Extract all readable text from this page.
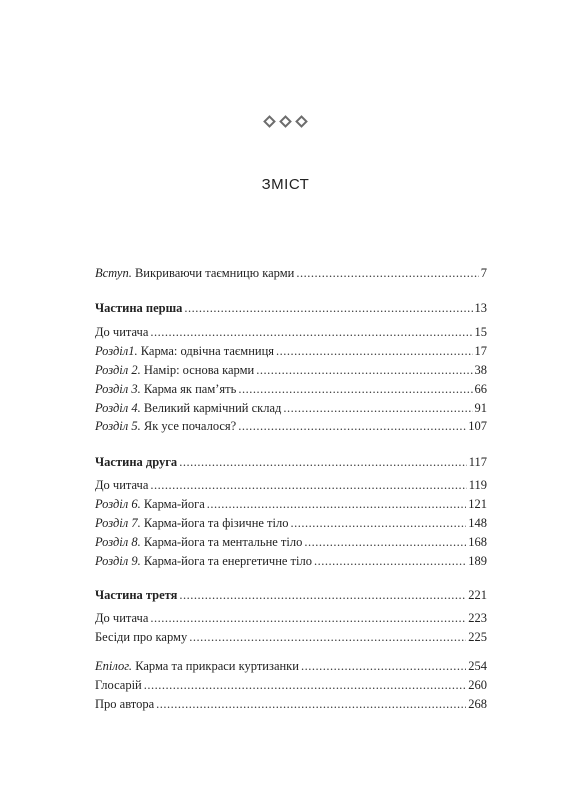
ЗМІСТ
Вступ. Викриваючи таємницю карми .....	7
Частина перша .....	13
До читача .....	15
Розділ1. Карма: одвічна таємниця .....	17
Розділ 2. Намір: основа карми .....	38
Розділ 3. Карма як пам’ять .....	66
Розділ 4. Великий кармічний склад .....	91
Розділ 5. Як усе почалося? .....	107
Частина друга .....	117
До читача .....	119
Розділ 6. Карма-йога .....	121
Розділ 7. Карма-йога та фізичне тіло .....	148
Розділ 8. Карма-йога та ментальне тіло .....	168
Розділ 9. Карма-йога та енергетичне тіло .....	189
Частина третя .....	221
До читача .....	223
Бесіди про карму .....	225
Епілог. Карма та прикраси куртизанки .....	254
Глосарій .....	260
Про автора .....	268
